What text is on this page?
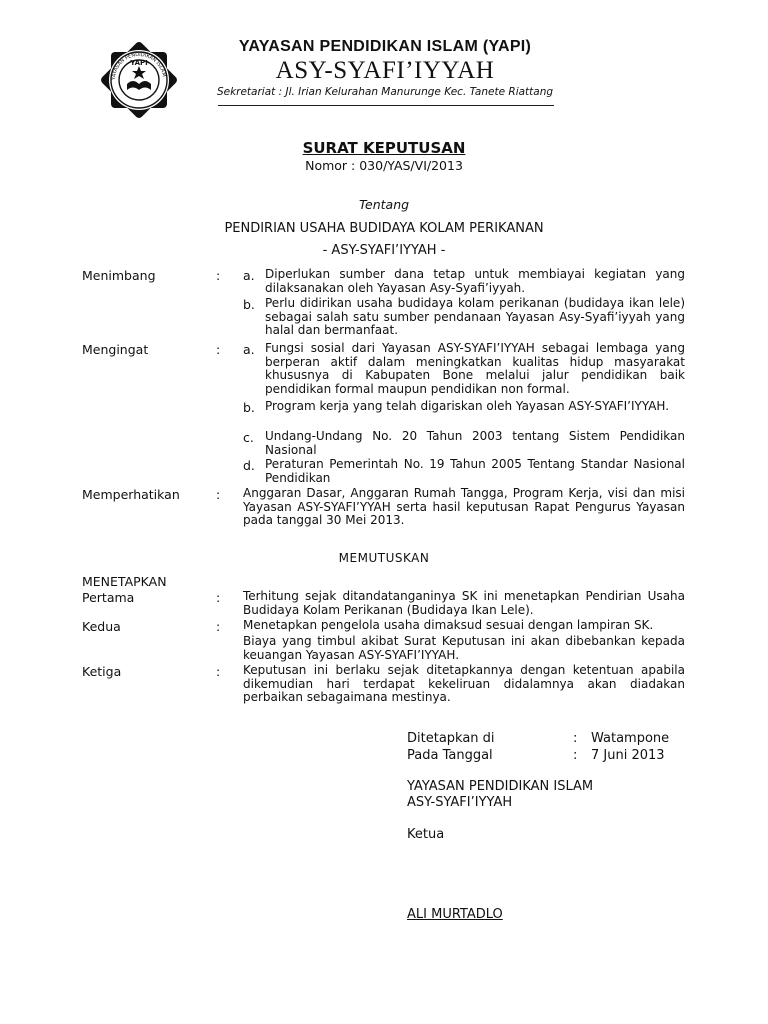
YAYASAN PENDIDIKAN ISLAM
YAPI
YAYASAN PENDIDIKAN ISLAM (YAPI)
ASY-SYAFI’IYYAH
Sekretariat : Jl. Irian Kelurahan Manurunge Kec. Tanete Riattang
SURAT KEPUTUSAN
Nomor : 030/YAS/VI/2013
Tentang
PENDIRIAN USAHA BUDIDAYA KOLAM PERIKANAN
- ASY-SYAFI’IYYAH -
Menimbang	: a. Diperlukan sumber dana tetap untuk membiayai kegiatan yang dilaksanakan oleh Yayasan Asy-Syafi’iyyah.
b. Perlu didirikan usaha budidaya kolam perikanan (budidaya ikan lele) sebagai salah satu sumber pendanaan Yayasan Asy-Syafi’iyyah yang halal dan bermanfaat.
Mengingat	: a. Fungsi sosial dari Yayasan ASY-SYAFI’IYYAH sebagai lembaga yang berperan aktif dalam meningkatkan kualitas hidup masyarakat khususnya di Kabupaten Bone melalui jalur pendidikan baik pendidikan formal maupun pendidikan non formal.
b. Program kerja yang telah digariskan oleh Yayasan ASY-SYAFI’IYYAH.
c. Undang-Undang No. 20 Tahun 2003 tentang Sistem Pendidikan Nasional
d. Peraturan Pemerintah No. 19 Tahun 2005 Tentang Standar Nasional Pendidikan
Memperhatikan	: Anggaran Dasar, Anggaran Rumah Tangga, Program Kerja, visi dan misi Yayasan ASY-SYAFI’YYAH serta hasil keputusan Rapat Pengurus Yayasan pada tanggal 30 Mei 2013.
MEMUTUSKAN
MENETAPKAN
Pertama	: Terhitung sejak ditandatanganinya SK ini menetapkan Pendirian Usaha Budidaya Kolam Perikanan (Budidaya Ikan Lele).
Kedua	: Menetapkan pengelola usaha dimaksud sesuai dengan lampiran SK.
Biaya yang timbul akibat Surat Keputusan ini akan dibebankan kepada keuangan Yayasan ASY-SYAFI’IYYAH.
Ketiga	: Keputusan ini berlaku sejak ditetapkannya dengan ketentuan apabila dikemudian hari terdapat kekeliruan didalamnya akan diadakan perbaikan sebagaimana mestinya.
Ditetapkan di	: Watampone
Pada Tanggal	: 7 Juni 2013
YAYASAN PENDIDIKAN ISLAM
ASY-SYAFI’IYYAH
Ketua
ALI MURTADLO
